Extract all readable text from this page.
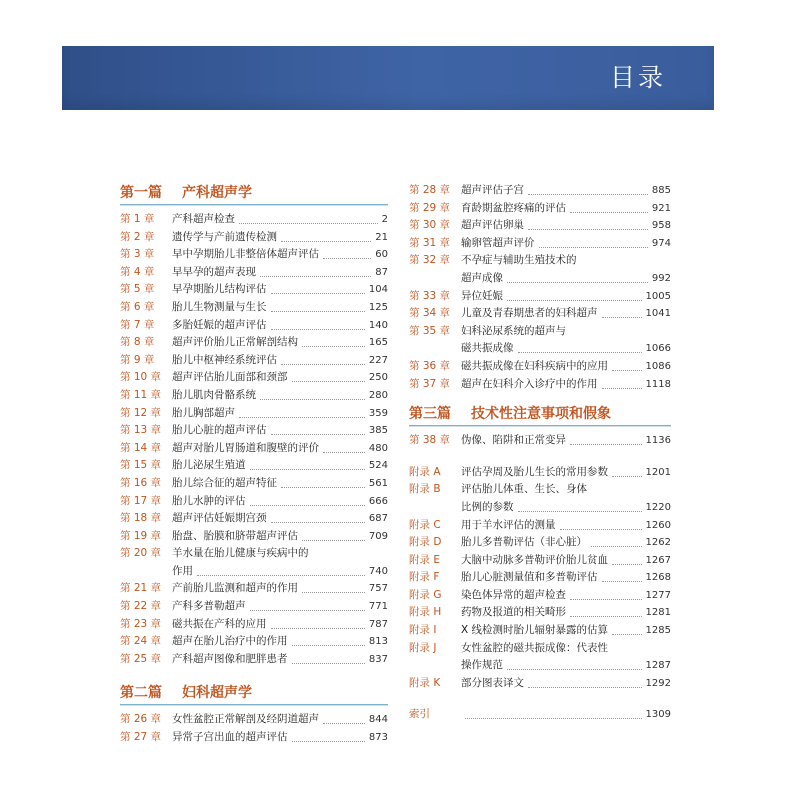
目录
第一篇 产科超声学
第 1 章 产科超声检查	2
第 2 章 遗传学与产前遗传检测	21
第 3 章 早中孕期胎儿非整倍体超声评估	60
第 4 章 早早孕的超声表现	87
第 5 章 早孕期胎儿结构评估	104
第 6 章 胎儿生物测量与生长	125
第 7 章 多胎妊娠的超声评估	140
第 8 章 超声评价胎儿正常解剖结构	165
第 9 章 胎儿中枢神经系统评估	227
第 10 章 超声评估胎儿面部和颈部	250
第 11 章 胎儿肌肉骨骼系统	280
第 12 章 胎儿胸部超声	359
第 13 章 胎儿心脏的超声评估	385
第 14 章 超声对胎儿胃肠道和腹壁的评价	480
第 15 章 胎儿泌尿生殖道	524
第 16 章 胎儿综合征的超声特征	561
第 17 章 胎儿水肿的评估	666
第 18 章 超声评估妊娠期宫颈	687
第 19 章 胎盘、胎膜和脐带超声评估	709
第 20 章 羊水量在胎儿健康与疾病中的
作用	740
第 21 章 产前胎儿监测和超声的作用	757
第 22 章 产科多普勒超声	771
第 23 章 磁共振在产科的应用	787
第 24 章 超声在胎儿治疗中的作用	813
第 25 章 产科超声图像和肥胖患者	837
第二篇 妇科超声学
第 26 章 女性盆腔正常解剖及经阴道超声	844
第 27 章 异常子宫出血的超声评估	873
第 28 章 超声评估子宫	885
第 29 章 育龄期盆腔疼痛的评估	921
第 30 章 超声评估卵巢	958
第 31 章 输卵管超声评价	974
第 32 章 不孕症与辅助生殖技术的
超声成像	992
第 33 章 异位妊娠	1005
第 34 章 儿童及青春期患者的妇科超声	1041
第 35 章 妇科泌尿系统的超声与
磁共振成像	1066
第 36 章 磁共振成像在妇科疾病中的应用	1086
第 37 章 超声在妇科介入诊疗中的作用	1118
第三篇 技术性注意事项和假象
第 38 章 伪像、陷阱和正常变异	1136
附录 A 评估孕周及胎儿生长的常用参数	1201
附录 B 评估胎儿体重、生长、身体
比例的参数	1220
附录 C 用于羊水评估的测量	1260
附录 D 胎儿多普勒评估（非心脏）	1262
附录 E 大脑中动脉多普勒评价胎儿贫血	1267
附录 F 胎儿心脏测量值和多普勒评估	1268
附录 G 染色体异常的超声检查	1277
附录 H 药物及报道的相关畸形	1281
附录 I X 线检测时胎儿辐射暴露的估算	1285
附录 J 女性盆腔的磁共振成像：代表性
操作规范	1287
附录 K 部分图表译文	1292
索引	1309
